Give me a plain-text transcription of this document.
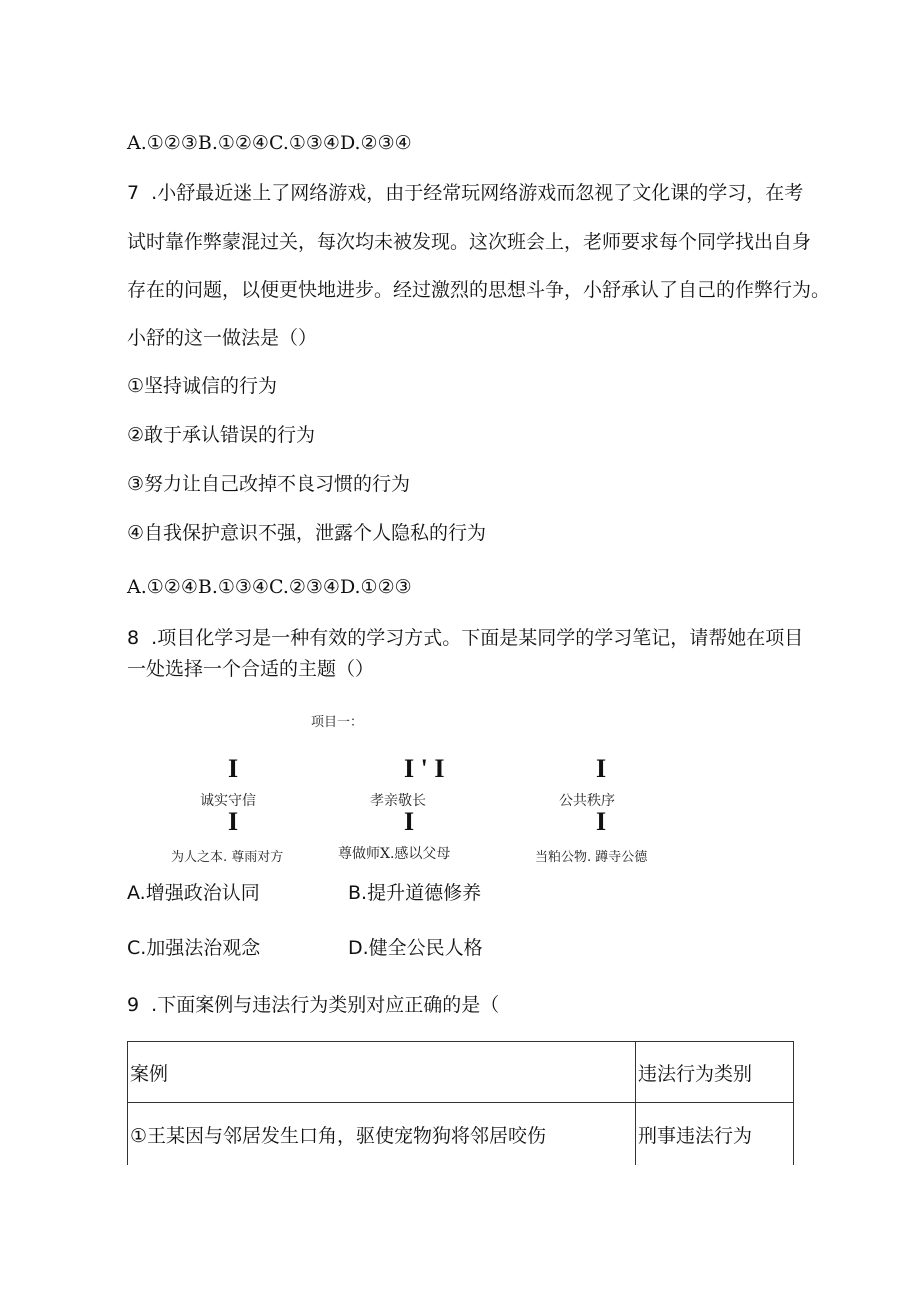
A.①②③B.①②④C.①③④D.②③④
7  .小舒最近迷上了网络游戏，由于经常玩网络游戏而忽视了文化课的学习，在考
试时靠作弊蒙混过关，每次均未被发现。这次班会上，老师要求每个同学找出自身
存在的问题，以便更快地进步。经过激烈的思想斗争，小舒承认了自己的作弊行为。
小舒的这一做法是（）
①坚持诚信的行为
②敢于承认错误的行为
③努力让自己改掉不良习惯的行为
④自我保护意识不强，泄露个人隐私的行为
A.①②④B.①③④C.②③④D.①②③
8  .项目化学习是一种有效的学习方式。下面是某同学的学习笔记，请帮她在项目
一处选择一个合适的主题（）
项目一：
I	I ' I	I
诚实守信	孝亲敬长	公共秩序
I	I	I
为人之本. 尊雨对方	尊做师X.感以父母	当粕公物. 蹲寺公德
A.增强政治认同	B.提升道德修养
C.加强法治观念	D.健全公民人格
9  .下面案例与违法行为类别对应正确的是（
案例	违法行为类别
①王某因与邻居发生口角，驱使宠物狗将邻居咬伤	刑事违法行为
